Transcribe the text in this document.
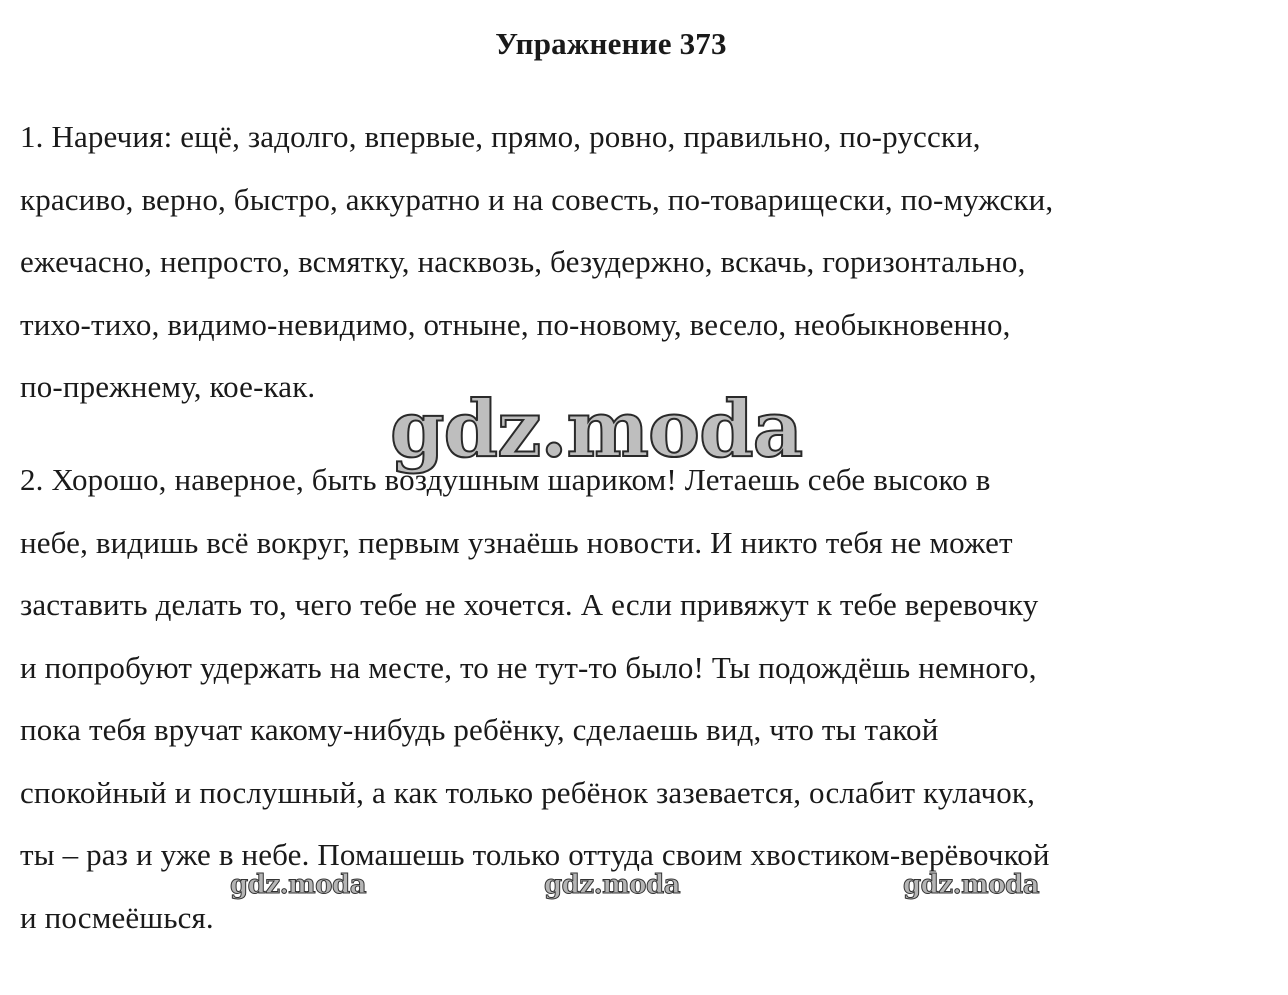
Упражнение 373
1. Наречия: ещё, задолго, впервые, прямо, ровно, правильно, по-русски,
красиво, верно, быстро, аккуратно и на совесть, по-товарищески, по-мужски,
ежечасно, непросто, всмятку, насквозь, безудержно, вскачь, горизонтально,
тихо-тихо, видимо-невидимо, отныне, по-новому, весело, необыкновенно,
по-прежнему, кое-как.
2. Хорошо, наверное, быть воздушным шариком! Летаешь себе высоко в
небе, видишь всё вокруг, первым узнаёшь новости. И никто тебя не может
заставить делать то, чего тебе не хочется. А если привяжут к тебе веревочку
и попробуют удержать на месте, то не тут-то было! Ты подождёшь немного,
пока тебя вручат какому-нибудь ребёнку, сделаешь вид, что ты такой
спокойный и послушный, а как только ребёнок зазевается, ослабит кулачок,
ты – раз и уже в небе. Помашешь только оттуда своим хвостиком-верёвочкой
и посмеёшься.
gdz.moda
gdz.moda	gdz.moda	gdz.moda
